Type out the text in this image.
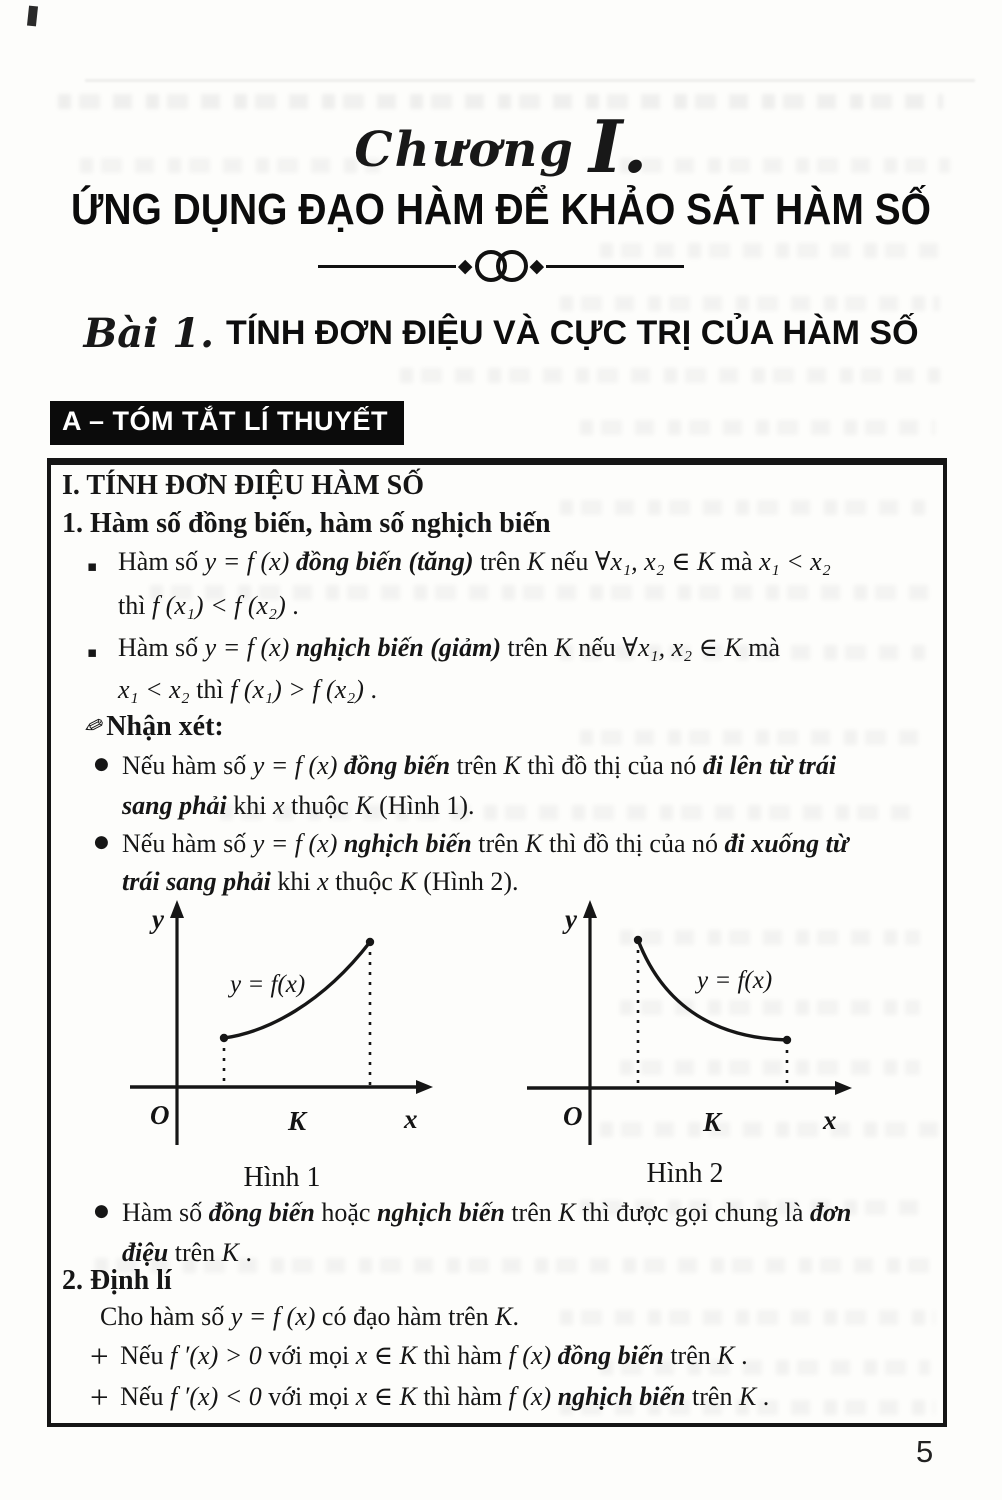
Chương I.
ỨNG DỤNG ĐẠO HÀM ĐỂ KHẢO SÁT HÀM SỐ
◆	◆
Bài 1. TÍNH ĐƠN ĐIỆU VÀ CỰC TRỊ CỦA HÀM SỐ
A – TÓM TẮT LÍ THUYẾT
I. TÍNH ĐƠN ĐIỆU HÀM SỐ
1. Hàm số đồng biến, hàm số nghịch biến
▪ Hàm số y = f (x) đồng biến (tăng) trên K nếu ∀x₁, x₂ ∈ K mà x₁ < x₂
thì f (x₁) < f (x₂) .
▪ Hàm số y = f (x) nghịch biến (giảm) trên K nếu ∀x₁, x₂ ∈ K mà
x₁ < x₂ thì f (x₁) > f (x₂) .
✎Nhận xét:
● Nếu hàm số y = f (x) đồng biến trên K thì đồ thị của nó đi lên từ trái
sang phải khi x thuộc K (Hình 1).
● Nếu hàm số y = f (x) nghịch biến trên K thì đồ thị của nó đi xuống từ
trái sang phải khi x thuộc K (Hình 2).
y
x
O	K
y = f(x)
Hình 1
y
x
O	K
y = f(x)
Hình 2
● Hàm số đồng biến hoặc nghịch biến trên K thì được gọi chung là đơn
điệu trên K .
2. Định lí
Cho hàm số y = f (x) có đạo hàm trên K.
+ Nếu f ′(x) > 0 với mọi x ∈ K thì hàm f (x) đồng biến trên K .
+ Nếu f ′(x) < 0 với mọi x ∈ K thì hàm f (x) nghịch biến trên K .
5
